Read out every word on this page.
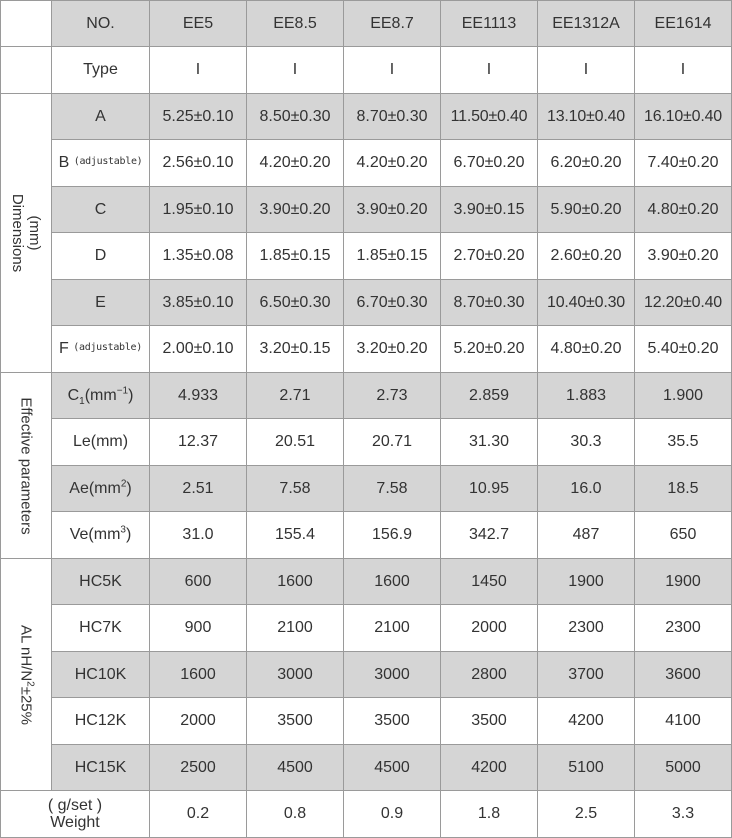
	NO.	EE5	EE8.5	EE8.7	EE1113	EE1312A	EE1614
	Type	I	I	I	I	I	I

(mm)
Dimensions	A	5.25±0.10	8.50±0.30	8.70±0.30	11.50±0.40	13.10±0.40	16.10±0.40
	B (adjustable)	2.56±0.10	4.20±0.20	4.20±0.20	6.70±0.20	6.20±0.20	7.40±0.20
	C	1.95±0.10	3.90±0.20	3.90±0.20	3.90±0.15	5.90±0.20	4.80±0.20
	D	1.35±0.08	1.85±0.15	1.85±0.15	2.70±0.20	2.60±0.20	3.90±0.20
	E	3.85±0.10	6.50±0.30	6.70±0.30	8.70±0.30	10.40±0.30	12.20±0.40
	F (adjustable)	2.00±0.10	3.20±0.15	3.20±0.20	5.20±0.20	4.80±0.20	5.40±0.20

Effective parameters	$C_1(mm^{-1})$	4.933	2.71	2.73	2.859	1.883	1.900
	Le(mm)	12.37	20.51	20.71	31.30	30.3	35.5
	$Ae(mm^2)$	2.51	7.58	7.58	10.95	16.0	18.5
	$Ve(mm^3)$	31.0	155.4	156.9	342.7	487	650

AL $nH/N^2\pm 25\%$	HC5K	600	1600	1600	1450	1900	1900
	HC7K	900	2100	2100	2000	2300	2300
	HC10K	1600	3000	3000	2800	3700	3600
	HC12K	2000	3500	3500	3500	4200	4100
	HC15K	2500	4500	4500	4200	5100	5000

( g/set )
Weight		0.2	0.8	0.9	1.8	2.5	3.3
